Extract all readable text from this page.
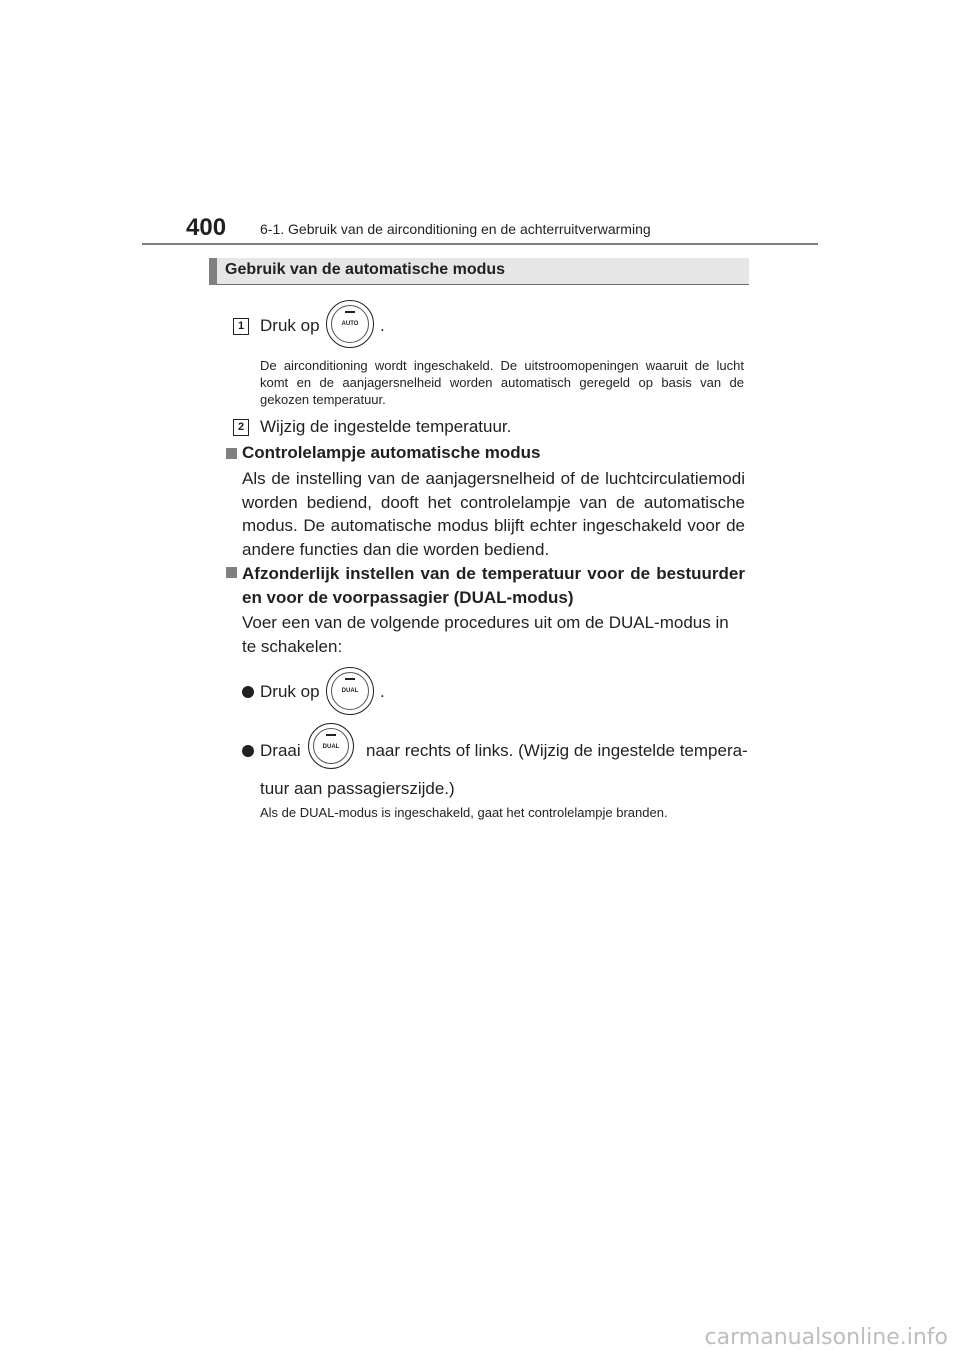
400 6-1. Gebruik van de airconditioning en de achterruitverwarming
Gebruik van de automatische modus
1 Druk op	AUTO	.
De airconditioning wordt ingeschakeld. De uitstroomopeningen waaruit de lucht komt en de aanjagersnelheid worden automatisch geregeld op basis van de gekozen temperatuur.
2 Wijzig de ingestelde temperatuur.
Controlelampje automatische modus
Als de instelling van de aanjagersnelheid of de luchtcirculatiemodi worden bediend, dooft het controlelampje van de automatische modus. De automatische modus blijft echter ingeschakeld voor de andere functies dan die worden bediend.
Afzonderlijk instellen van de temperatuur voor de bestuurder en voor de voorpassagier (DUAL-modus)
Voer een van de volgende procedures uit om de DUAL-modus in te schakelen:
Druk op	DUAL	.
Draai	DUAL	naar rechts of links. (Wijzig de ingestelde tempera-
tuur aan passagierszijde.)
Als de DUAL-modus is ingeschakeld, gaat het controlelampje branden.
carmanualsonline.info
